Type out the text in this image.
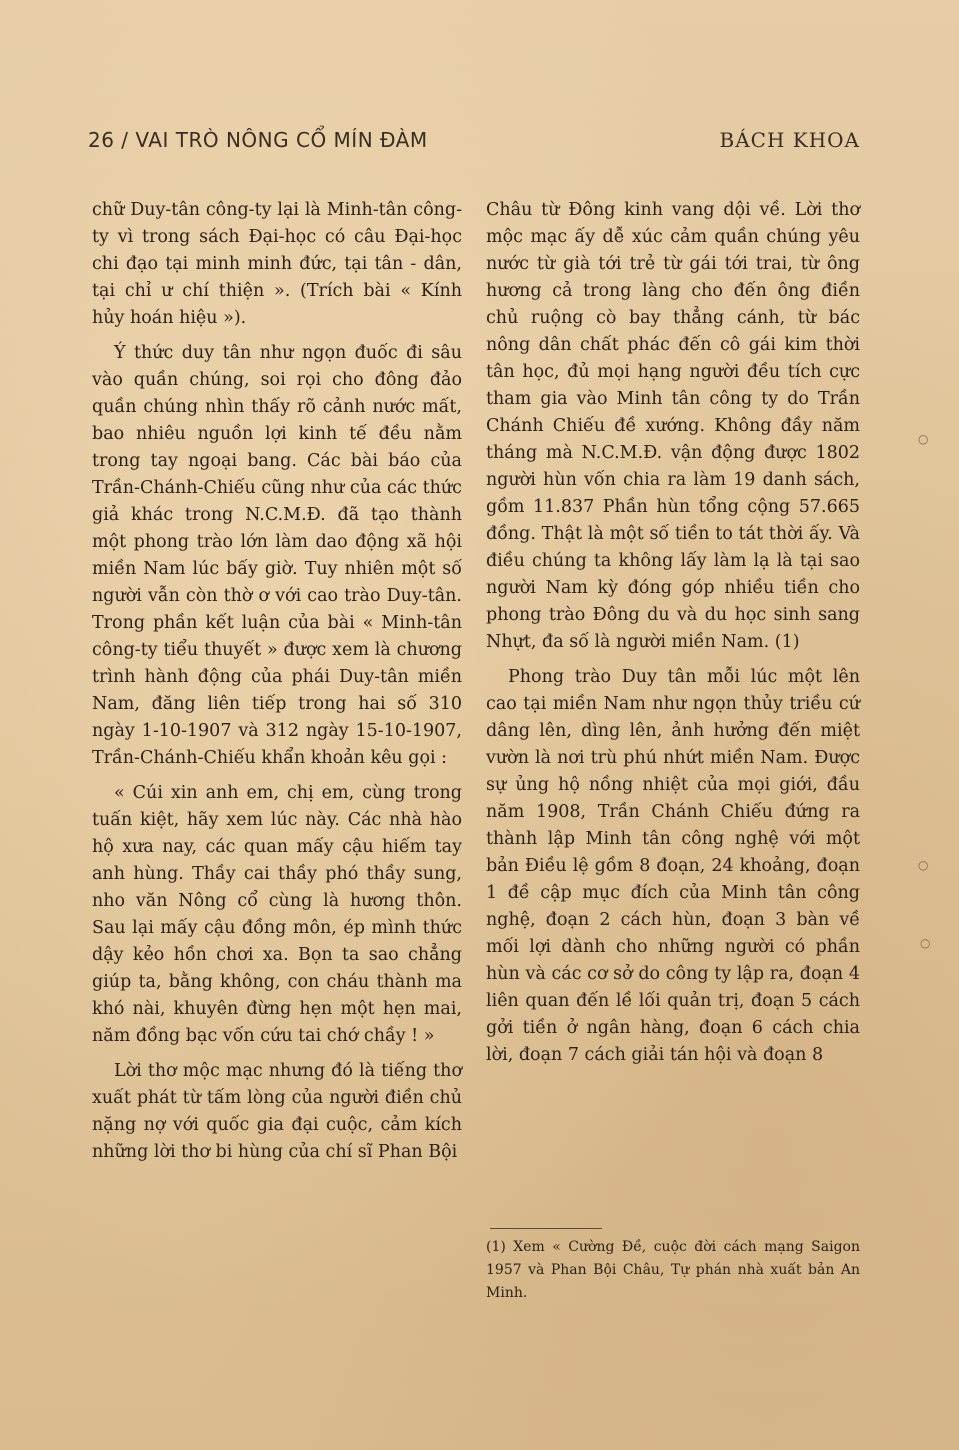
26 / VAI TRÒ NÔNG CỔ MÍN ĐÀM	BÁCH KHOA

chữ Duy-tân công-ty lại là Minh-tân công-ty vì trong sách Đại-học có câu Đại-học chi đạo tại minh minh đức, tại tân - dân, tại chỉ ư chí thiện ». (Trích bài « Kính hủy hoán hiệu »).

Ý thức duy tân như ngọn đuốc đi sâu vào quần chúng, soi rọi cho đông đảo quần chúng nhìn thấy rõ cảnh nước mất, bao nhiêu nguồn lợi kinh tế đều nằm trong tay ngoại bang. Các bài báo của Trần-Chánh-Chiếu cũng như của các thức giả khác trong N.C.M.Đ. đã tạo thành một phong trào lớn làm dao động xã hội miền Nam lúc bấy giờ. Tuy nhiên một số người vẫn còn thờ ơ với cao trào Duy-tân. Trong phần kết luận của bài « Minh-tân công-ty tiểu thuyết » được xem là chương trình hành động của phái Duy-tân miền Nam, đăng liên tiếp trong hai số 310 ngày 1-10-1907 và 312 ngày 15-10-1907, Trần-Chánh-Chiếu khẩn khoản kêu gọi :

« Cúi xin anh em, chị em, cùng trong tuấn kiệt, hãy xem lúc này. Các nhà hào hộ xưa nay, các quan mấy cậu hiếm tay anh hùng. Thầy cai thầy phó thầy sung, nho văn Nông cổ cùng là hương thôn. Sau lại mấy cậu đồng môn, ép mình thức dậy kẻo hồn chơi xa. Bọn ta sao chẳng giúp ta, bằng không, con cháu thành ma khó nài, khuyên đừng hẹn một hẹn mai, năm đồng bạc vốn cứu tai chớ chầy ! »

Lời thơ mộc mạc nhưng đó là tiếng thơ xuất phát từ tấm lòng của người điền chủ nặng nợ với quốc gia đại cuộc, cảm kích những lời thơ bi hùng của chí sĩ Phan Bội

Châu từ Đông kinh vang dội về. Lời thơ mộc mạc ấy dễ xúc cảm quần chúng yêu nước từ già tới trẻ từ gái tới trai, từ ông hương cả trong làng cho đến ông điền chủ ruộng cò bay thẳng cánh, từ bác nông dân chất phác đến cô gái kim thời tân học, đủ mọi hạng người đều tích cực tham gia vào Minh tân công ty do Trần Chánh Chiếu đề xướng. Không đầy năm tháng mà N.C.M.Đ. vận động được 1802 người hùn vốn chia ra làm 19 danh sách, gồm 11.837 Phần hùn tổng cộng 57.665 đồng. Thật là một số tiền to tát thời ấy. Và điều chúng ta không lấy làm lạ là tại sao người Nam kỳ đóng góp nhiều tiền cho phong trào Đông du và du học sinh sang Nhựt, đa số là người miền Nam. (1)

Phong trào Duy tân mỗi lúc một lên cao tại miền Nam như ngọn thủy triều cứ dâng lên, dìng lên, ảnh hưởng đến miệt vườn là nơi trù phú nhứt miền Nam. Được sự ủng hộ nồng nhiệt của mọi giới, đầu năm 1908, Trần Chánh Chiếu đứng ra thành lập Minh tân công nghệ với một bản Điều lệ gồm 8 đoạn, 24 khoảng, đoạn 1 đề cập mục đích của Minh tân công nghệ, đoạn 2 cách hùn, đoạn 3 bàn về mối lợi dành cho những người có phần hùn và các cơ sở do công ty lập ra, đoạn 4 liên quan đến lề lối quản trị, đoạn 5 cách gởi tiền ở ngân hàng, đoạn 6 cách chia lời, đoạn 7 cách giải tán hội và đoạn 8

(1) Xem « Cường Đề, cuộc đời cách mạng Saigon 1957 và Phan Bội Châu, Tự phán nhà xuất bản An Minh.
○
○
○
